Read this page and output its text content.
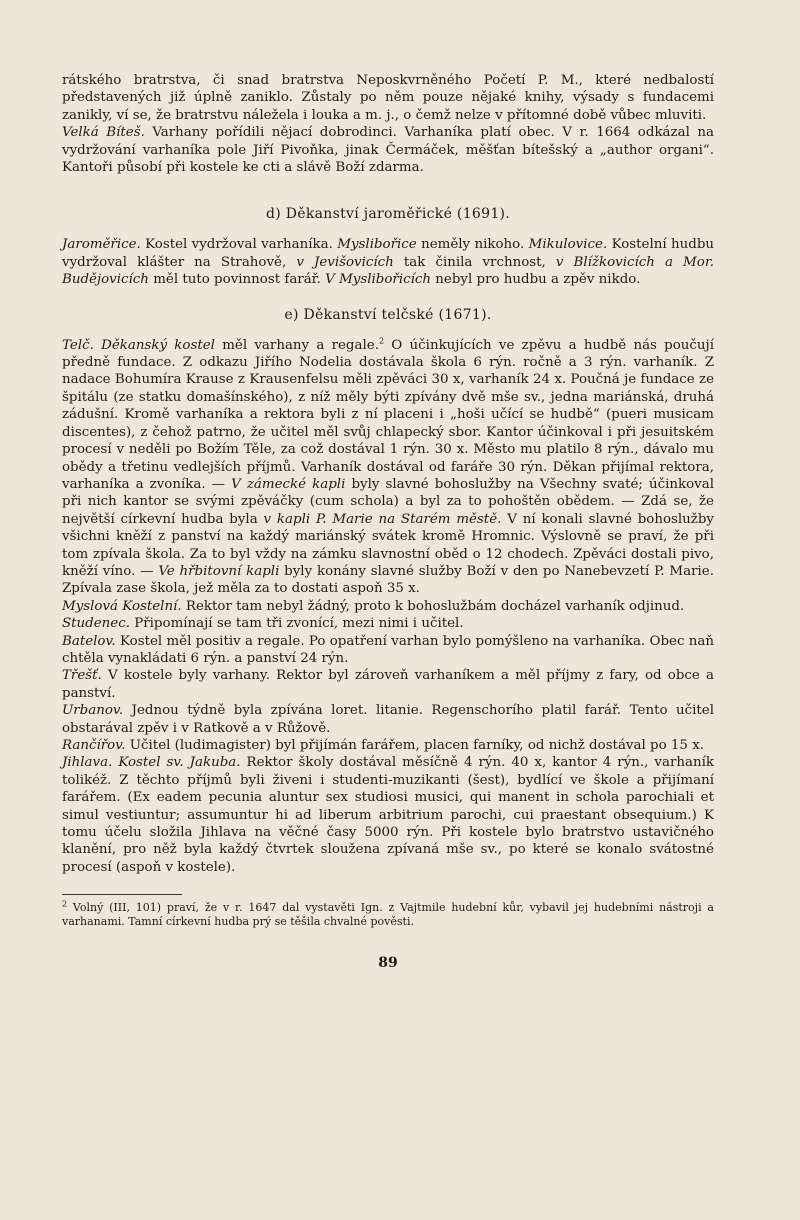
rátského bratrstva, či snad bratrstva Neposkvrněného Početí P. M., které nedbalostí představených již úplně zaniklo. Zůstaly po něm pouze nějaké knihy, výsady s fundacemi zanikly, ví se, že bratrstvu náležela i louka a m. j., o čemž nelze v přítomné době vůbec mluviti.

Velká Bíteš. Varhany pořídili nějací dobrodinci. Varhaníka platí obec. V r. 1664 odkázal na vydržování varhaníka pole Jiří Pivoňka, jinak Čermáček, měšťan bítešský a „author organi“. Kantoři působí při kostele ke cti a slávě Boží zdarma.

d) Děkanství jaroměřické (1691).

Jaroměřice. Kostel vydržoval varhaníka. Myslibořice neměly nikoho. Mikulovice. Kostelní hudbu vydržoval klášter na Strahově, v Jevišovicích tak činila vrchnost, v Blížkovicích a Mor. Budějovicích měl tuto povinnost farář. V Myslibořicích nebyl pro hudbu a zpěv nikdo.

e) Děkanství telčské (1671).

Telč. Děkanský kostel měl varhany a regale.$^2$ O účinkujících ve zpěvu a hudbě nás poučují předně fundace. Z odkazu Jiřího Nodelia dostávala škola 6 rýn. ročně a 3 rýn. varhaník. Z nadace Bohumíra Krause z Krausenfelsu měli zpěváci 30 x, varhaník 24 x. Poučná je fundace ze špitálu (ze statku domašínského), z níž měly býti zpívány dvě mše sv., jedna mariánská, druhá zádušní. Kromě varhaníka a rektora byli z ní placeni i „hoši učící se hudbě“ (pueri musicam discentes), z čehož patrno, že učitel měl svůj chlapecký sbor. Kantor účinkoval i při jesuitském procesí v neděli po Božím Těle, za což dostával 1 rýn. 30 x. Město mu platilo 8 rýn., dávalo mu obědy a třetinu vedlejších příjmů. Varhaník dostával od faráře 30 rýn. Děkan přijímal rektora, varhaníka a zvoníka. — V zámecké kapli byly slavné bohoslužby na Všechny svaté; účinkoval při nich kantor se svými zpěváčky (cum schola) a byl za to pohoštěn obědem. — Zdá se, že největší církevní hudba byla v kapli P. Marie na Starém městě. V ní konali slavné bohoslužby všichni kněží z panství na každý mariánský svátek kromě Hromnic. Výslovně se praví, že při tom zpívala škola. Za to byl vždy na zámku slavnostní oběd o 12 chodech. Zpěváci dostali pivo, kněží víno. — Ve hřbitovní kapli byly konány slavné služby Boží v den po Nanebevzetí P. Marie. Zpívala zase škola, jež měla za to dostati aspoň 35 x.

Myslová Kostelní. Rektor tam nebyl žádný, proto k bohoslužbám docházel varhaník odjinud.

Studenec. Připomínají se tam tři zvonící, mezi nimi i učitel.

Batelov. Kostel měl positiv a regale. Po opatření varhan bylo pomýšleno na varhaníka. Obec naň chtěla vynakládati 6 rýn. a panství 24 rýn.

Třešť. V kostele byly varhany. Rektor byl zároveň varhaníkem a měl příjmy z fary, od obce a panství.

Urbanov. Jednou týdně byla zpívána loret. litanie. Regenschorího platil farář. Tento učitel obstarával zpěv i v Ratkově a v Růžově.

Rančířov. Učitel (ludimagister) byl přijímán farářem, placen farníky, od nichž dostával po 15 x.

Jihlava. Kostel sv. Jakuba. Rektor školy dostával měsíčně 4 rýn. 40 x, kantor 4 rýn., varhaník tolikéž. Z těchto příjmů byli živeni i studenti-muzikanti (šest), bydlící ve škole a přijímaní farářem. (Ex eadem pecunia aluntur sex studiosi musici, qui manent in schola parochiali et simul vestiuntur; assumuntur hi ad liberum arbitrium parochi, cui praestant obsequium.) K tomu účelu složila Jihlava na věčné časy 5000 rýn. Při kostele bylo bratrstvo ustavičného klanění, pro něž byla každý čtvrtek sloužena zpívaná mše sv., po které se konalo svátostné procesí (aspoň v kostele).

$^2$ Volný (III, 101) praví, že v r. 1647 dal vystavěti Ign. z Vajtmile hudební kůr, vybavil jej hudebními nástroji a varhanami. Tamní církevní hudba prý se těšila chvalné pověsti.

89
